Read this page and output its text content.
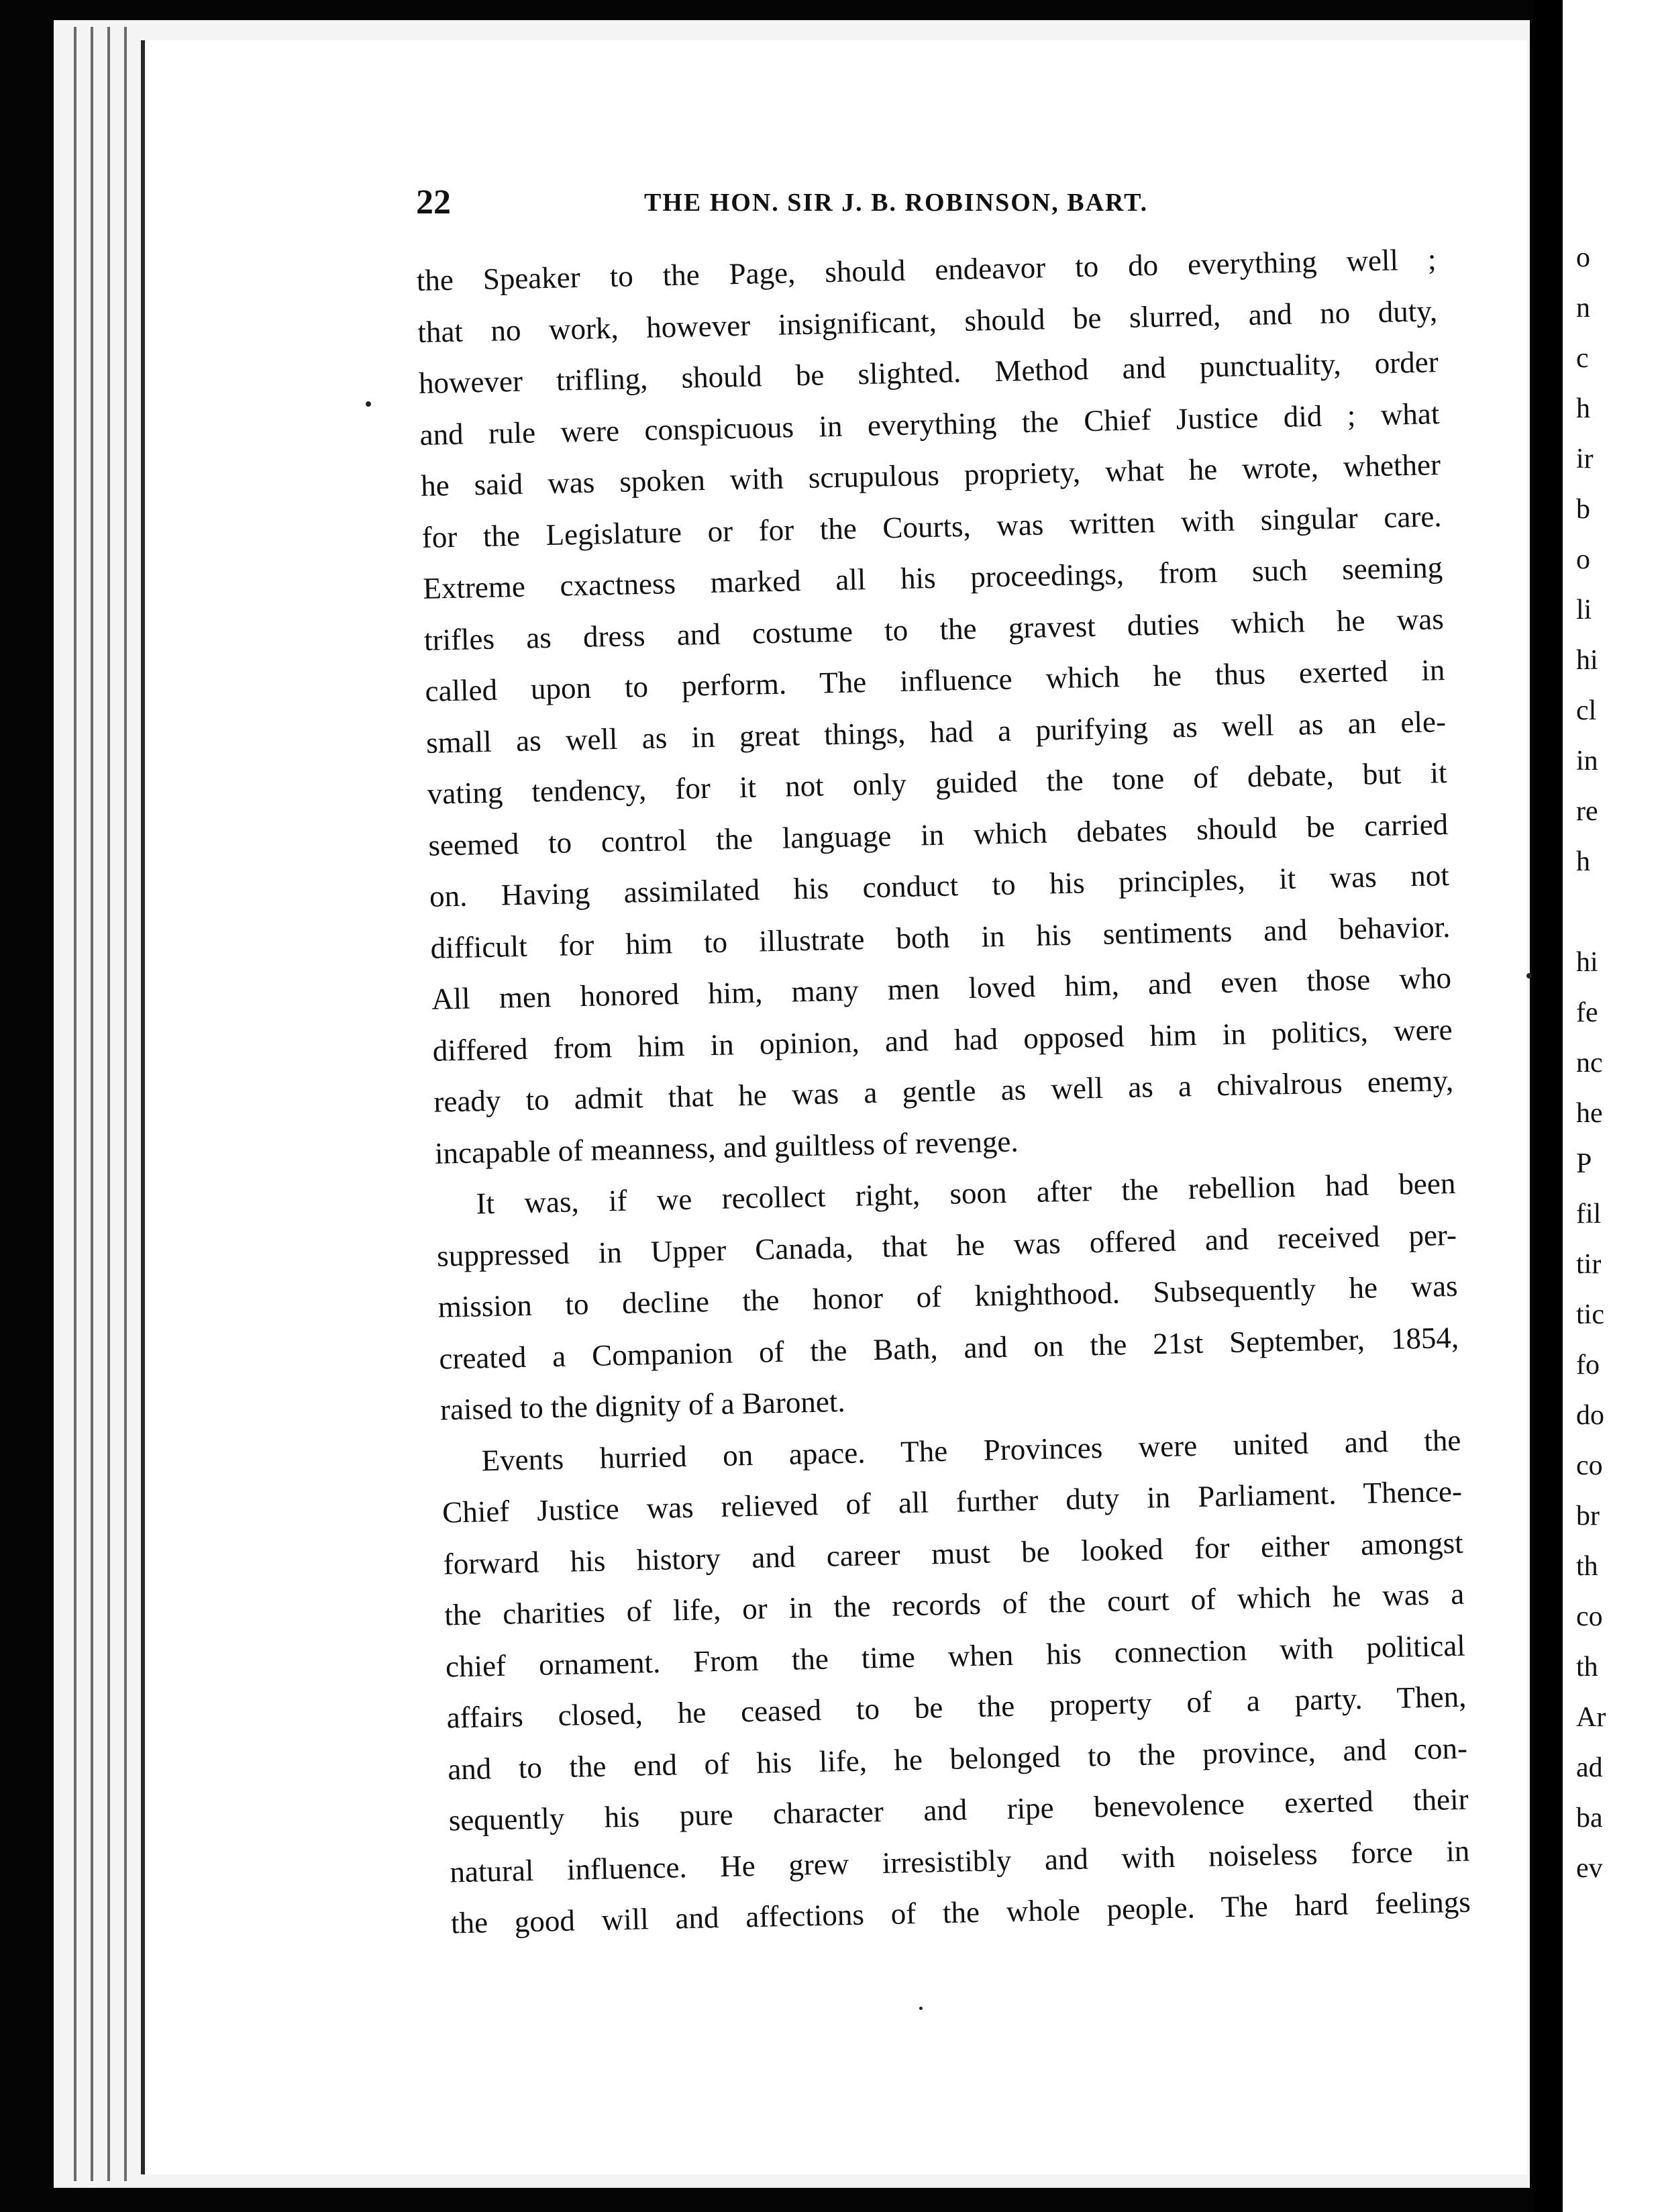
22	THE HON. SIR J. B. ROBINSON, BART.
the Speaker to the Page, should endeavor to do everything well ;
that no work, however insignificant, should be slurred, and no duty,
however trifling, should be slighted. Method and punctuality, order
and rule were conspicuous in everything the Chief Justice did ; what
he said was spoken with scrupulous propriety, what he wrote, whether
for the Legislature or for the Courts, was written with singular care.
Extreme cxactness marked all his proceedings, from such seeming
trifles as dress and costume to the gravest duties which he was
called upon to perform. The influence which he thus exerted in
small as well as in great things, had a purifying as well as an ele-
vating tendency, for it not only guided the tone of debate, but it
seemed to control the language in which debates should be carried
on. Having assimilated his conduct to his principles, it was not
difficult for him to illustrate both in his sentiments and behavior.
All men honored him, many men loved him, and even those who
differed from him in opinion, and had opposed him in politics, were
ready to admit that he was a gentle as well as a chivalrous enemy,
incapable of meanness, and guiltless of revenge.
It was, if we recollect right, soon after the rebellion had been
suppressed in Upper Canada, that he was offered and received per-
mission to decline the honor of knighthood. Subsequently he was
created a Companion of the Bath, and on the 21st September, 1854,
raised to the dignity of a Baronet.
Events hurried on apace. The Provinces were united and the
Chief Justice was relieved of all further duty in Parliament. Thence-
forward his history and career must be looked for either amongst
the charities of life, or in the records of the court of which he was a
chief ornament. From the time when his connection with political
affairs closed, he ceased to be the property of a party. Then,
and to the end of his life, he belonged to the province, and con-
sequently his pure character and ripe benevolence exerted their
natural influence. He grew irresistibly and with noiseless force in
the good will and affections of the whole people. The hard feelings
o
n
c
h
ir
b
o
li
hi
cl
in
re
h
hi
fe
nc
he
P
fil
tir
tic
fo
do
co
br
th
co
th
Ar
ad
ba
ev
